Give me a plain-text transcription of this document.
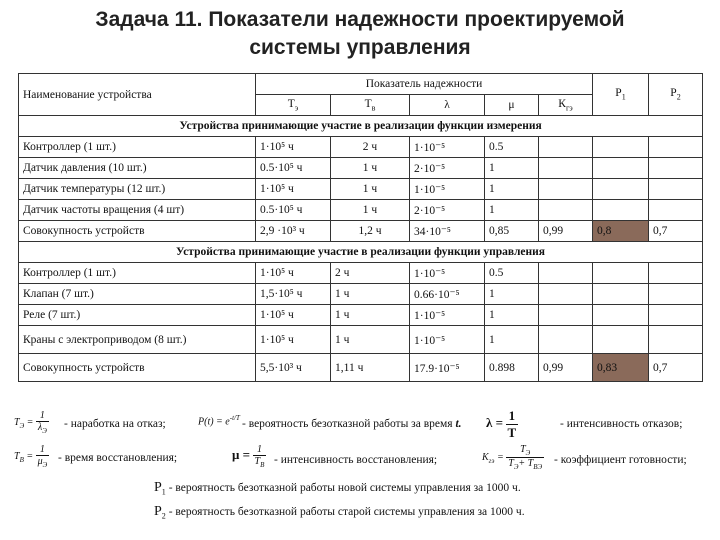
Задача 11. Показатели надежности проектируемой
системы управления
Наименование устройства	Показатель надежности					$Р_1$	$Р_2$
	$Т_э$	$Т_в$	λ	μ	$К_{гэ}$
Устройства принимающие участие в реализации функции измерения							
Контроллер (1 шт.)	1·10⁵ ч	2 ч	1·10⁻⁵	0.5			
Датчик давления (10 шт.)	0.5·10⁵ ч	1 ч	2·10⁻⁵	1			
Датчик температуры (12 шт.)	1·10⁵ ч	1 ч	1·10⁻⁵	1			
Датчик частоты вращения (4 шт)	0.5·10⁵ ч	1 ч	2·10⁻⁵	1			
Совокупность устройств	2,9 ·10³ ч	1,2 ч	34·10⁻⁵	0,85	0,99	0,8	0,7
Устройства принимающие участие в реализации функции управления							
Контроллер (1 шт.)	1·10⁵ ч	2 ч	1·10⁻⁵	0.5			
Клапан (7 шт.)	1,5·10⁵ ч	1 ч	0.66·10⁻⁵	1			
Реле (7 шт.)	1·10⁵ ч	1 ч	1·10⁻⁵	1			
Краны с электроприводом (8 шт.)	1·10⁵ ч	1 ч	1·10⁻⁵	1			
Совокупность устройств	5,5·10³ ч	1,11 ч	17.9·10⁻⁵	0.898	0,99	0,83	0,7
$T_Э = \frac{1}{\lambda_Э}$ - наработка на отказ;	$P(t) = e^{-t/T}$ - вероятность безотказной работы за время t. $\lambda = \frac{1}{T}$	- интенсивность отказов;
$T_B = \frac{1}{\mu_Э}$ - время восстановления;	$\mu = \frac{1}{T_B}$ - интенсивность восстановления;	$K_{гэ} = \frac{T_Э}{T_Э+ T_{ВЭ}}$ - коэффициент готовности;
$Р_1$ - вероятность безотказной работы новой системы управления за 1000 ч.
$Р_2$ - вероятность безотказной работы старой системы управления за 1000 ч.
